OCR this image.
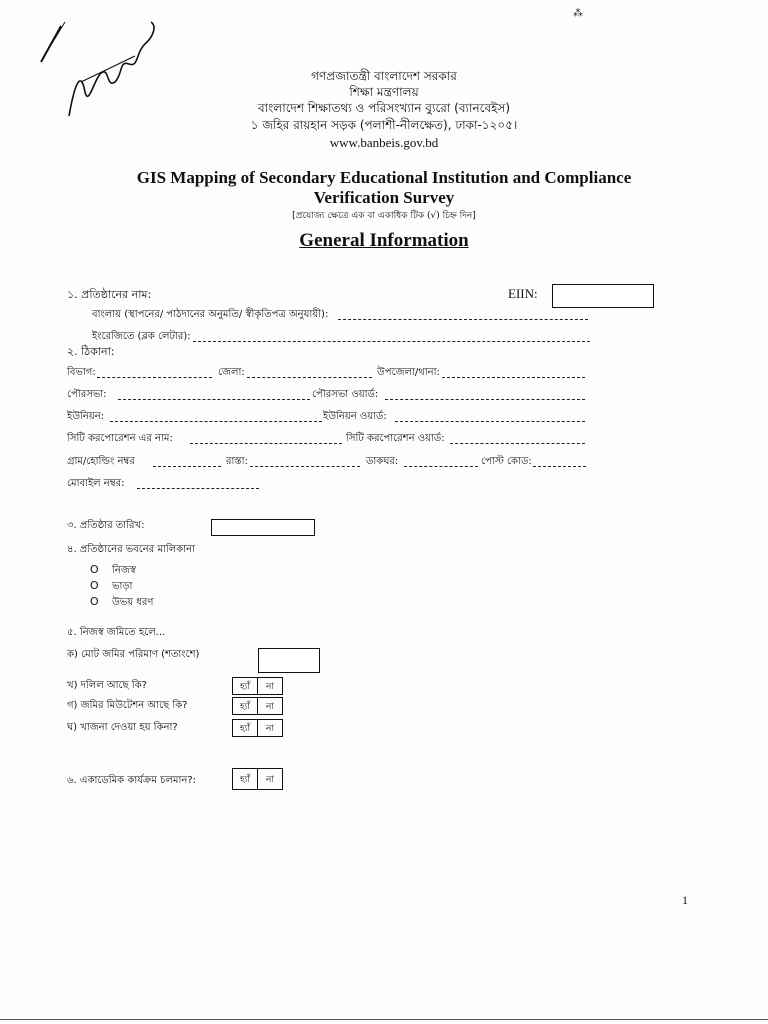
⁂
গণপ্রজাতন্ত্রী বাংলাদেশ সরকার
শিক্ষা মন্ত্রণালয়
বাংলাদেশ শিক্ষাতথ্য ও পরিসংখ্যান ব্যুরো (ব্যানবেইস)
১ জহির রায়হান সড়ক (পলাশী-নীলক্ষেত), ঢাকা-১২০৫।
www.banbeis.gov.bd
GIS Mapping of Secondary Educational Institution and Compliance
Verification Survey
[প্রযোজ্য ক্ষেত্রে এক বা একাধিক টিক (√) চিহ্ন দিন]
General Information
১. প্রতিষ্ঠানের নাম:	EIIN:
বাংলায় (স্থাপনের/ পাঠদানের অনুমতি/ স্বীকৃতিপত্র অনুযায়ী):
ইংরেজিতে (ব্লক লেটার):
২. ঠিকানা:
বিভাগ:	জেলা:	উপজেলা/থানা:
পৌরসভা:	পৌরসভা ওয়ার্ড:
ইউনিয়ন:	ইউনিয়ন ওয়ার্ড:
সিটি করপোরেশন এর নাম:	সিটি করপোরেশন ওয়ার্ড:
গ্রাম/হোল্ডিং নম্বর	রাস্তা:	ডাকঘর:	পোস্ট কোড:
মোবাইল নম্বর:
৩. প্রতিষ্ঠার তারিখ:
৪. প্রতিষ্ঠানের ভবনের মালিকানা
O নিজস্ব
O ভাড়া
O উভয় ধরণ
৫. নিজস্ব জমিতে হলে...
ক) মোট জমির পরিমাণ (শতাংশে)
খ) দলিল আছে কি?	হ্যাঁ	না
গ) জমির মিউটেশন আছে কি?	হ্যাঁ	না
ঘ) খাজনা দেওয়া হয় কিনা?	হ্যাঁ	না
৬. একাডেমিক কার্যক্রম চলমান?:	হ্যাঁ	না
1
